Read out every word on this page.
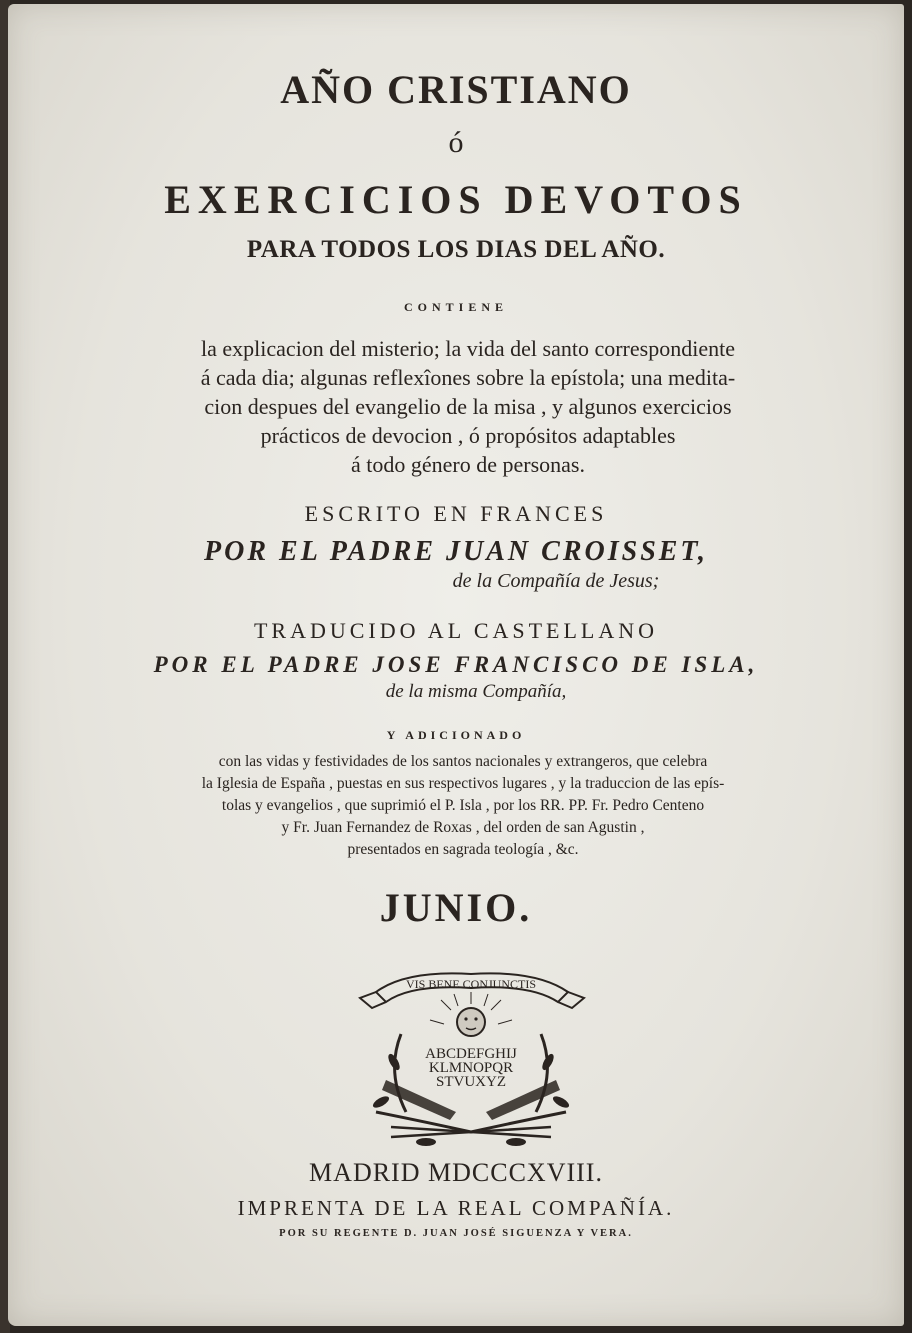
AÑO CRISTIANO
ó
EXERCICIOS DEVOTOS
PARA TODOS LOS DIAS DEL AÑO.
CONTIENE
la explicacion del misterio; la vida del santo correspondiente
á cada dia; algunas reflexîones sobre la epístola; una medita-
cion despues del evangelio de la misa , y algunos exercicios
prácticos de devocion , ó propósitos adaptables
á todo género de personas.
ESCRITO EN FRANCES
POR EL PADRE JUAN CROISSET,
de la Compañía de Jesus;
TRADUCIDO AL CASTELLANO
POR EL PADRE JOSE FRANCISCO DE ISLA,
de la misma Compañía,
Y ADICIONADO
con las vidas y festividades de los santos nacionales y extrangeros, que celebra
la Iglesia de España , puestas en sus respectivos lugares , y la traduccion de las epís-
tolas y evangelios , que suprimió el P. Isla , por los RR. PP. Fr. Pedro Centeno
y Fr. Juan Fernandez de Roxas , del orden de san Agustin ,
presentados en sagrada teología , &c.
JUNIO.
VIS BENE CONJUNCTIS
ABCDEFGHIJ
KLMNOPQR
STVUXYZ
MADRID MDCCCXVIII.
IMPRENTA DE LA REAL COMPAÑÍA.
POR SU REGENTE D. JUAN JOSÉ SIGUENZA Y VERA.
